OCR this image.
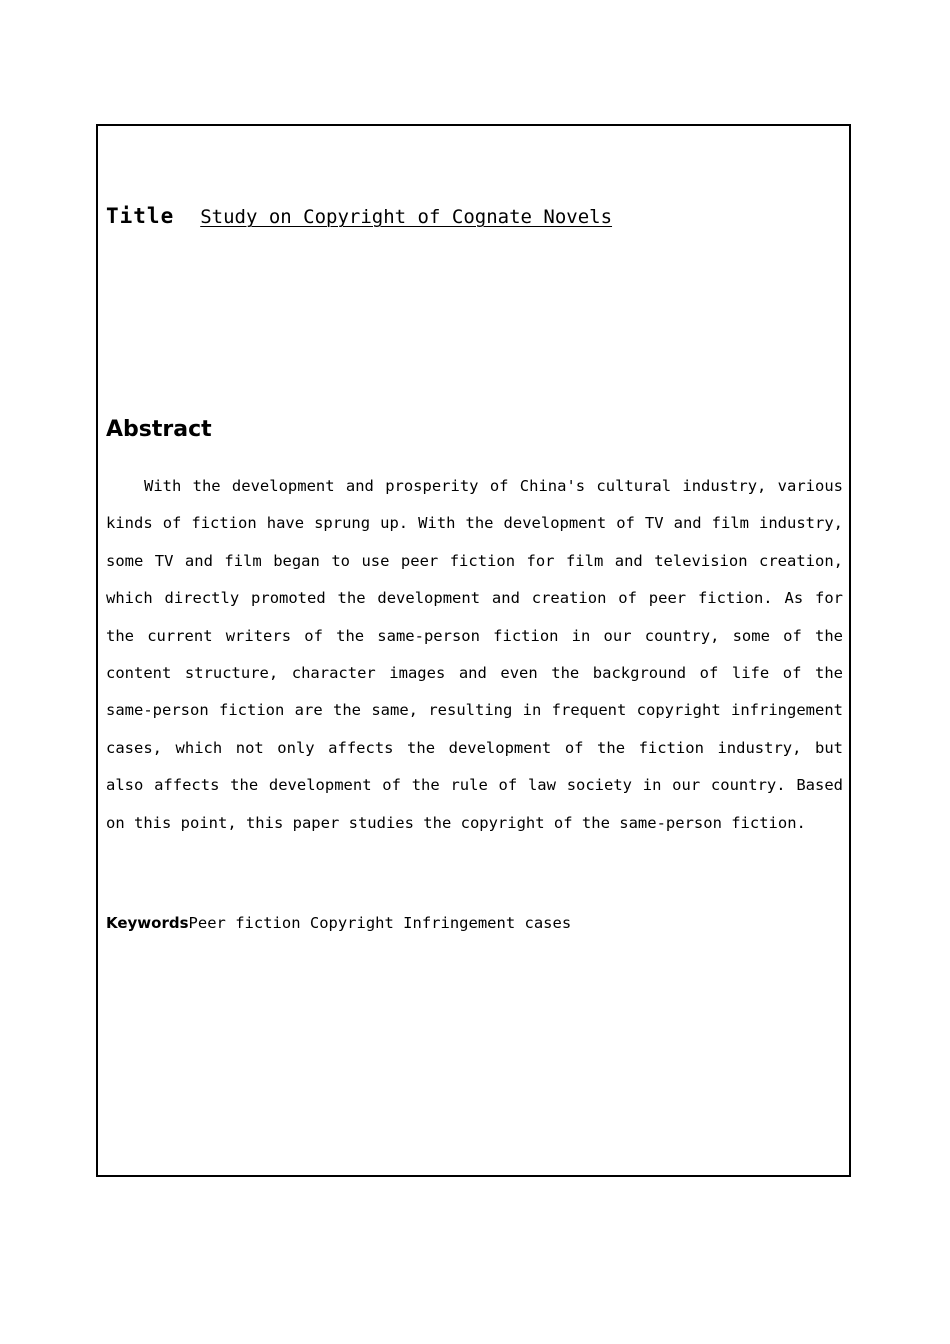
Title Study on Copyright of Cognate Novels
Abstract

With the development and prosperity of China's cultural industry, various kinds of fiction have sprung up. With the development of TV and film industry, some TV and film began to use peer fiction for film and television creation, which directly promoted the development and creation of peer fiction. As for the current writers of the same-person fiction in our country, some of the content structure, character images and even the background of life of the same-person fiction are the same, resulting in frequent copyright infringement cases, which not only affects the development of the fiction industry, but also affects the development of the rule of law society in our country. Based on this point, this paper studies the copyright of the same-person fiction.

KeywordsPeer fiction Copyright Infringement cases
